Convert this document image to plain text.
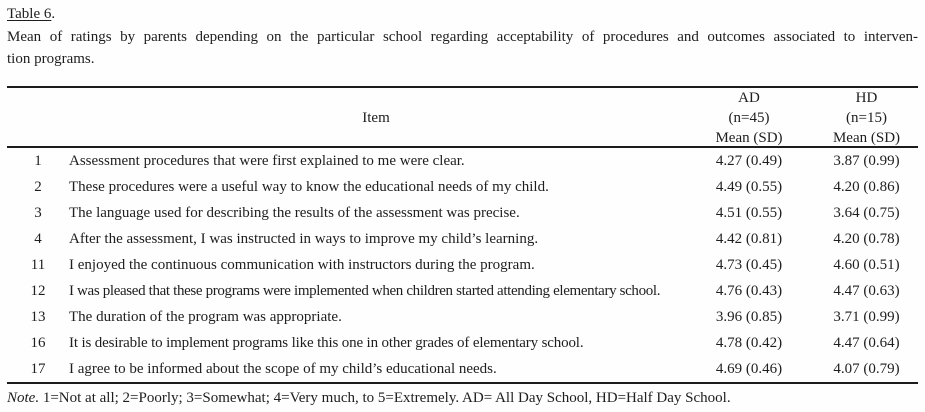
Table 6.
Mean of ratings by parents depending on the particular school regarding acceptability of procedures and outcomes associated to interven-
tion programs.
Item
AD
(n=45)
Mean (SD)
HD
(n=15)
Mean (SD)
1	Assessment procedures that were first explained to me were clear.	4.27 (0.49)	3.87 (0.99)
2	These procedures were a useful way to know the educational needs of my child.	4.49 (0.55)	4.20 (0.86)
3	The language used for describing the results of the assessment was precise.	4.51 (0.55)	3.64 (0.75)
4	After the assessment, I was instructed in ways to improve my child’s learning.	4.42 (0.81)	4.20 (0.78)
11	I enjoyed the continuous communication with instructors during the program.	4.73 (0.45)	4.60 (0.51)
12	I was pleased that these programs were implemented when children started attending elementary school.	4.76 (0.43)	4.47 (0.63)
13	The duration of the program was appropriate.	3.96 (0.85)	3.71 (0.99)
16	It is desirable to implement programs like this one in other grades of elementary school.	4.78 (0.42)	4.47 (0.64)
17	I agree to be informed about the scope of my child’s educational needs.	4.69 (0.46)	4.07 (0.79)
Note. 1=Not at all; 2=Poorly; 3=Somewhat; 4=Very much, to 5=Extremely. AD= All Day School, HD=Half Day School.
